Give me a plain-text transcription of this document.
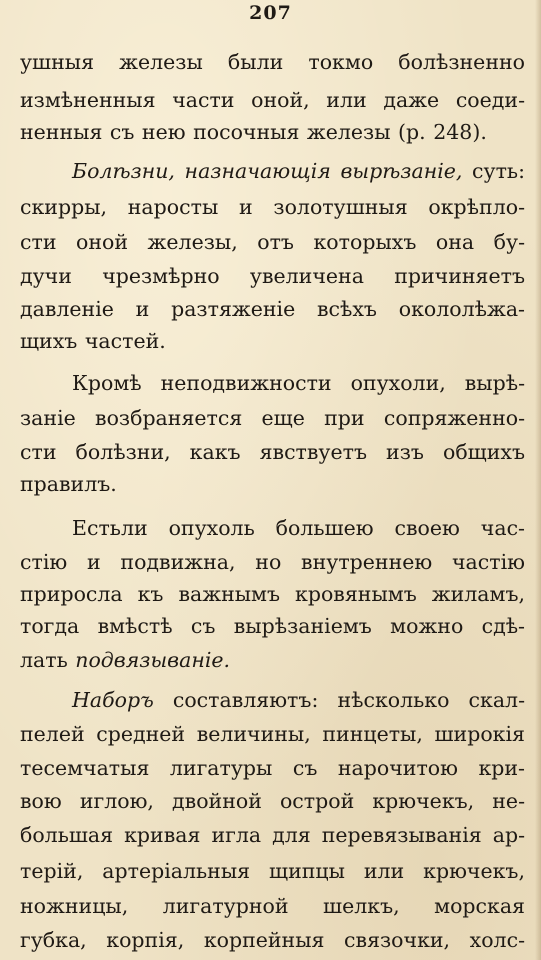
207
ушныя железы были токмо болѣзненно
измѣненныя части оной, или даже соеди-
ненныя съ нею посочныя железы (р. 248).
Болѣзни, назначающія вырѣзаніе, суть:
скирры, наросты и золотушныя окрѣпло-
сти оной железы, отъ которыхъ она бу-
дучи чрезмѣрно увеличена причиняетъ
давленіе и разтяженіе всѣхъ окололѣжа-
щихъ частей.
Кромѣ неподвижности опухоли, вырѣ-
заніе возбраняется еще при сопряженно-
сти болѣзни, какъ явствуетъ изъ общихъ
правилъ.
Естьли опухоль большею своею час-
стію и подвижна, но внутреннею частію
приросла къ важнымъ кровянымъ жиламъ,
тогда вмѣстѣ съ вырѣзаніемъ можно сдѣ-
лать подвязываніе.
Наборъ составляютъ: нѣсколько скал-
пелей средней величины, пинцеты, широкія
тесемчатыя лигатуры съ нарочитою кри-
вою иглою, двойной острой крючекъ, не-
большая кривая игла для перевязыванія ар-
терій, артеріальныя щипцы или крючекъ,
ножницы, лигатурной шелкъ, морская
губка, корпія, корпейныя связочки, холс-
